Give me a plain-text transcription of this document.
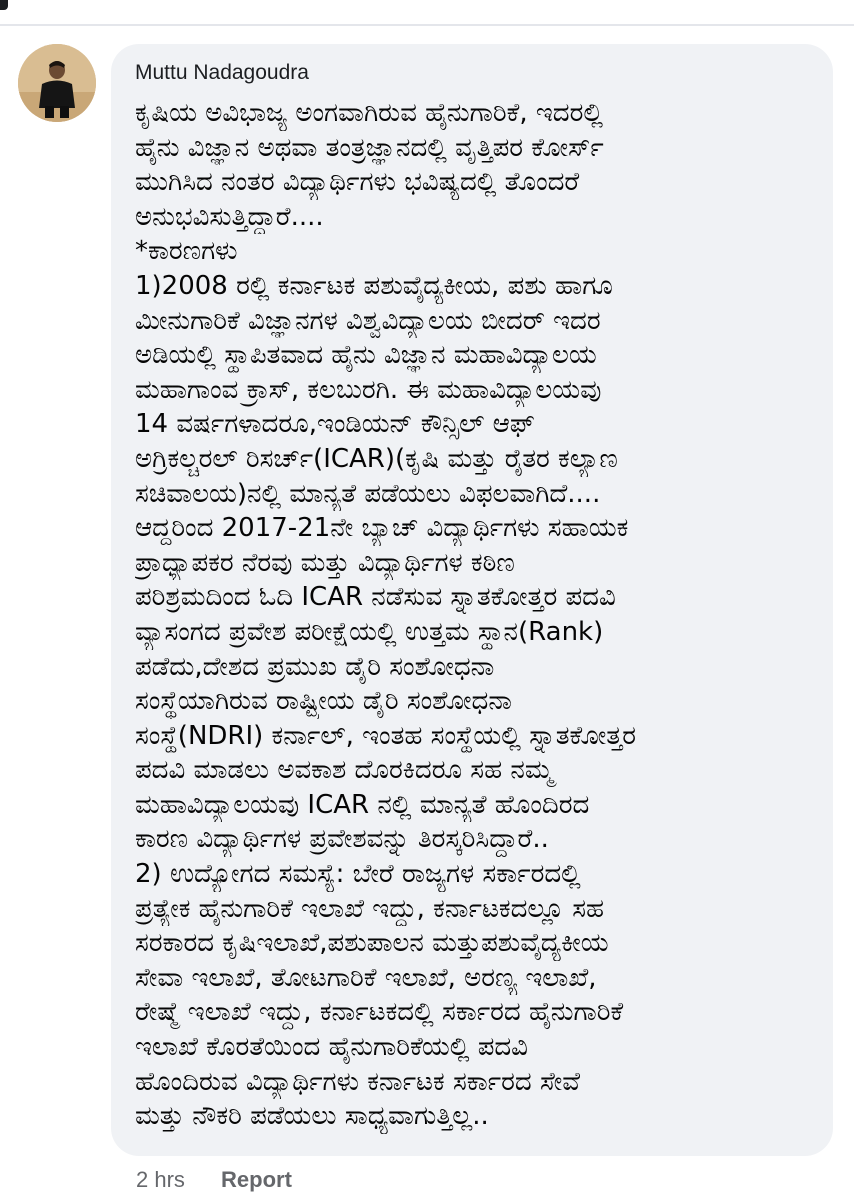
Muttu Nadagoudra
ಕೃಷಿಯ ಅವಿಭಾಜ್ಯ ಅಂಗವಾಗಿರುವ ಹೈನುಗಾರಿಕೆ, ಇದರಲ್ಲಿ
ಹೈನು ವಿಜ್ಞಾನ ಅಥವಾ ತಂತ್ರಜ್ಞಾನದಲ್ಲಿ ವೃತ್ತಿಪರ ಕೋರ್ಸ್
ಮುಗಿಸಿದ ನಂತರ ವಿದ್ಯಾರ್ಥಿಗಳು ಭವಿಷ್ಯದಲ್ಲಿ ತೊಂದರೆ
ಅನುಭವಿಸುತ್ತಿದ್ದಾರೆ....
*ಕಾರಣಗಳು
1)2008 ರಲ್ಲಿ ಕರ್ನಾಟಕ ಪಶುವೈದ್ಯಕೀಯ, ಪಶು ಹಾಗೂ
ಮೀನುಗಾರಿಕೆ ವಿಜ್ಞಾನಗಳ ವಿಶ್ವವಿದ್ಯಾಲಯ ಬೀದರ್ ಇದರ
ಅಡಿಯಲ್ಲಿ ಸ್ಥಾಪಿತವಾದ ಹೈನು ವಿಜ್ಞಾನ ಮಹಾವಿದ್ಯಾಲಯ
ಮಹಾಗಾಂವ ಕ್ರಾಸ್, ಕಲಬುರಗಿ. ಈ ಮಹಾವಿದ್ಯಾಲಯವು
14 ವರ್ಷಗಳಾದರೂ,ಇಂಡಿಯನ್ ಕೌನ್ಸಿಲ್ ಆಫ್
ಅಗ್ರಿಕಲ್ಚರಲ್ ರಿಸರ್ಚ್(ICAR)(ಕೃಷಿ ಮತ್ತು ರೈತರ ಕಲ್ಯಾಣ
ಸಚಿವಾಲಯ)ನಲ್ಲಿ ಮಾನ್ಯತೆ ಪಡೆಯಲು ವಿಫಲವಾಗಿದೆ....
ಆದ್ದರಿಂದ 2017-21ನೇ ಬ್ಯಾಚ್ ವಿದ್ಯಾರ್ಥಿಗಳು ಸಹಾಯಕ
ಪ್ರಾಧ್ಯಾಪಕರ ನೆರವು ಮತ್ತು ವಿದ್ಯಾರ್ಥಿಗಳ ಕಠಿಣ
ಪರಿಶ್ರಮದಿಂದ ಓದಿ ICAR ನಡೆಸುವ ಸ್ನಾತಕೋತ್ತರ ಪದವಿ
ವ್ಯಾಸಂಗದ ಪ್ರವೇಶ ಪರೀಕ್ಷೆಯಲ್ಲಿ ಉತ್ತಮ ಸ್ಥಾನ(Rank)
ಪಡೆದು,ದೇಶದ ಪ್ರಮುಖ ಡೈರಿ ಸಂಶೋಧನಾ
ಸಂಸ್ಥೆಯಾಗಿರುವ ರಾಷ್ಟ್ರೀಯ ಡೈರಿ ಸಂಶೋಧನಾ
ಸಂಸ್ಥೆ(NDRI) ಕರ್ನಾಲ್, ಇಂತಹ ಸಂಸ್ಥೆಯಲ್ಲಿ ಸ್ನಾತಕೋತ್ತರ
ಪದವಿ ಮಾಡಲು ಅವಕಾಶ ದೊರಕಿದರೂ ಸಹ ನಮ್ಮ
ಮಹಾವಿದ್ಯಾಲಯವು ICAR ನಲ್ಲಿ ಮಾನ್ಯತೆ ಹೊಂದಿರದ
ಕಾರಣ ವಿದ್ಯಾರ್ಥಿಗಳ ಪ್ರವೇಶವನ್ನು ತಿರಸ್ಕರಿಸಿದ್ದಾರೆ..
2) ಉದ್ಯೋಗದ ಸಮಸ್ಯೆ: ಬೇರೆ ರಾಜ್ಯಗಳ ಸರ್ಕಾರದಲ್ಲಿ
ಪ್ರತ್ಯೇಕ ಹೈನುಗಾರಿಕೆ ಇಲಾಖೆ ಇದ್ದು, ಕರ್ನಾಟಕದಲ್ಲೂ ಸಹ
ಸರಕಾರದ ಕೃಷಿಇಲಾಖೆ,ಪಶುಪಾಲನ ಮತ್ತುಪಶುವೈದ್ಯಕೀಯ
ಸೇವಾ ಇಲಾಖೆ, ತೋಟಗಾರಿಕೆ ಇಲಾಖೆ, ಅರಣ್ಯ ಇಲಾಖೆ,
ರೇಷ್ಮೆ ಇಲಾಖೆ ಇದ್ದು, ಕರ್ನಾಟಕದಲ್ಲಿ ಸರ್ಕಾರದ ಹೈನುಗಾರಿಕೆ
ಇಲಾಖೆ ಕೊರತೆಯಿಂದ ಹೈನುಗಾರಿಕೆಯಲ್ಲಿ ಪದವಿ
ಹೊಂದಿರುವ ವಿದ್ಯಾರ್ಥಿಗಳು ಕರ್ನಾಟಕ ಸರ್ಕಾರದ ಸೇವೆ
ಮತ್ತು ನೌಕರಿ ಪಡೆಯಲು ಸಾಧ್ಯವಾಗುತ್ತಿಲ್ಲ..
2 hrs Report
